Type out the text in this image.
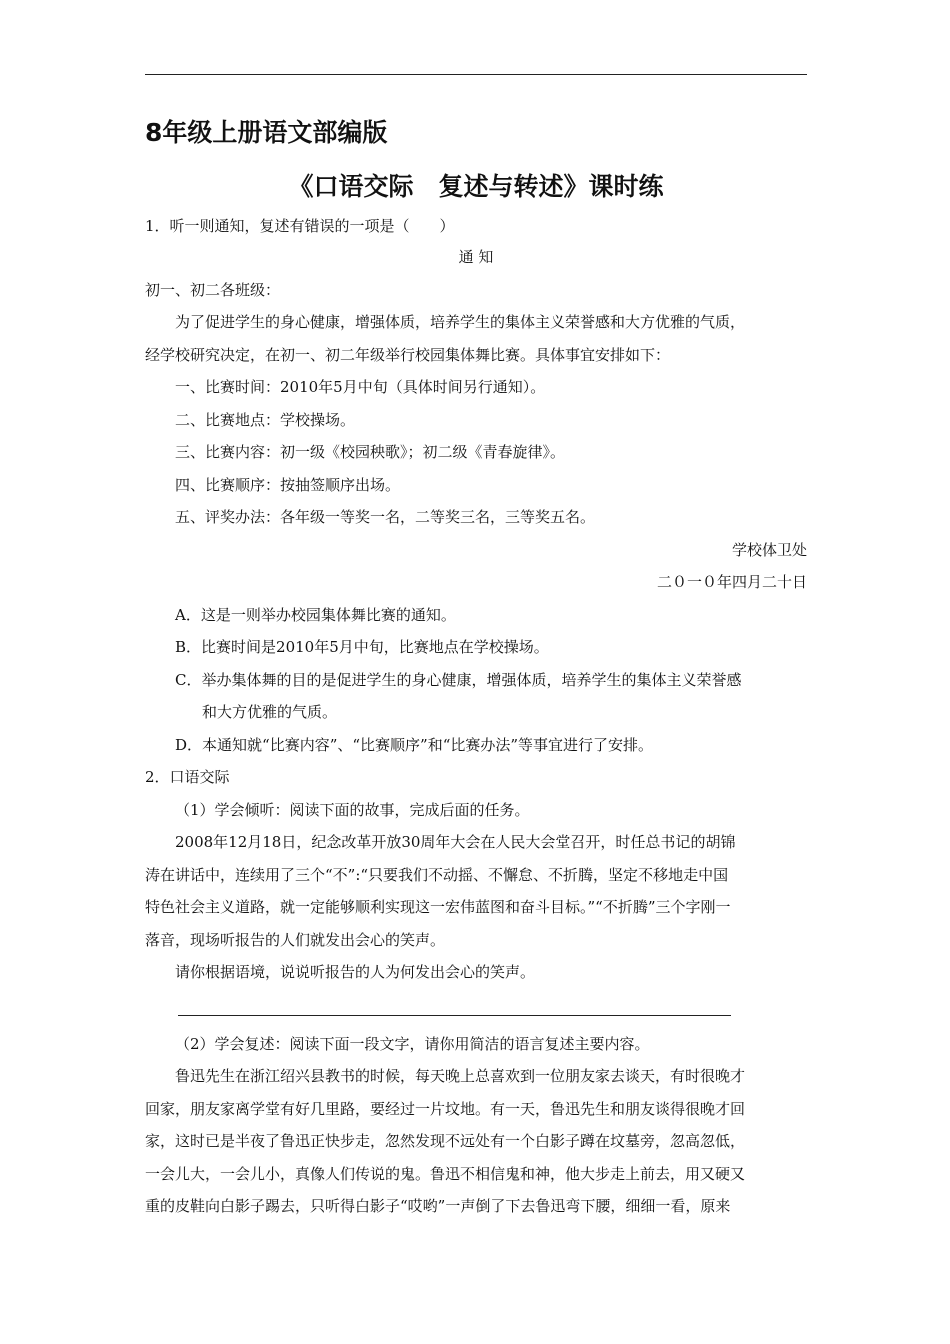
8年级上册语文部编版
《口语交际　复述与转述》课时练
1．听一则通知，复述有错误的一项是（　　）
通 知
初一、初二各班级：
为了促进学生的身心健康，增强体质，培养学生的集体主义荣誉感和大方优雅的气质，
经学校研究决定，在初一、初二年级举行校园集体舞比赛。具体事宜安排如下：
一、比赛时间：2010年5月中旬（具体时间另行通知）。
二、比赛地点：学校操场。
三、比赛内容：初一级《校园秧歌》；初二级《青春旋律》。
四、比赛顺序：按抽签顺序出场。
五、评奖办法：各年级一等奖一名，二等奖三名，三等奖五名。
学校体卫处
二０一０年四月二十日
A．这是一则举办校园集体舞比赛的通知。
B．比赛时间是2010年5月中旬，比赛地点在学校操场。
C．举办集体舞的目的是促进学生的身心健康，增强体质，培养学生的集体主义荣誉感
和大方优雅的气质。
D．本通知就“比赛内容”、“比赛顺序”和“比赛办法”等事宜进行了安排。
2．口语交际
（1）学会倾听：阅读下面的故事，完成后面的任务。
2008年12月18日，纪念改革开放30周年大会在人民大会堂召开，时任总书记的胡锦
涛在讲话中，连续用了三个“不”:“只要我们不动摇、不懈怠、不折腾，坚定不移地走中国
特色社会主义道路，就一定能够顺利实现这一宏伟蓝图和奋斗目标。”“不折腾”三个字刚一
落音，现场听报告的人们就发出会心的笑声。
请你根据语境，说说听报告的人为何发出会心的笑声。
（2）学会复述：阅读下面一段文字，请你用简洁的语言复述主要内容。
鲁迅先生在浙江绍兴县教书的时候，每天晚上总喜欢到一位朋友家去谈天，有时很晚才
回家，朋友家离学堂有好几里路，要经过一片坟地。有一天，鲁迅先生和朋友谈得很晚才回
家，这时已是半夜了鲁迅正快步走，忽然发现不远处有一个白影子蹲在坟墓旁，忽高忽低，
一会儿大，一会儿小，真像人们传说的鬼。鲁迅不相信鬼和神，他大步走上前去，用又硬又
重的皮鞋向白影子踢去，只听得白影子“哎哟”一声倒了下去鲁迅弯下腰，细细一看，原来
